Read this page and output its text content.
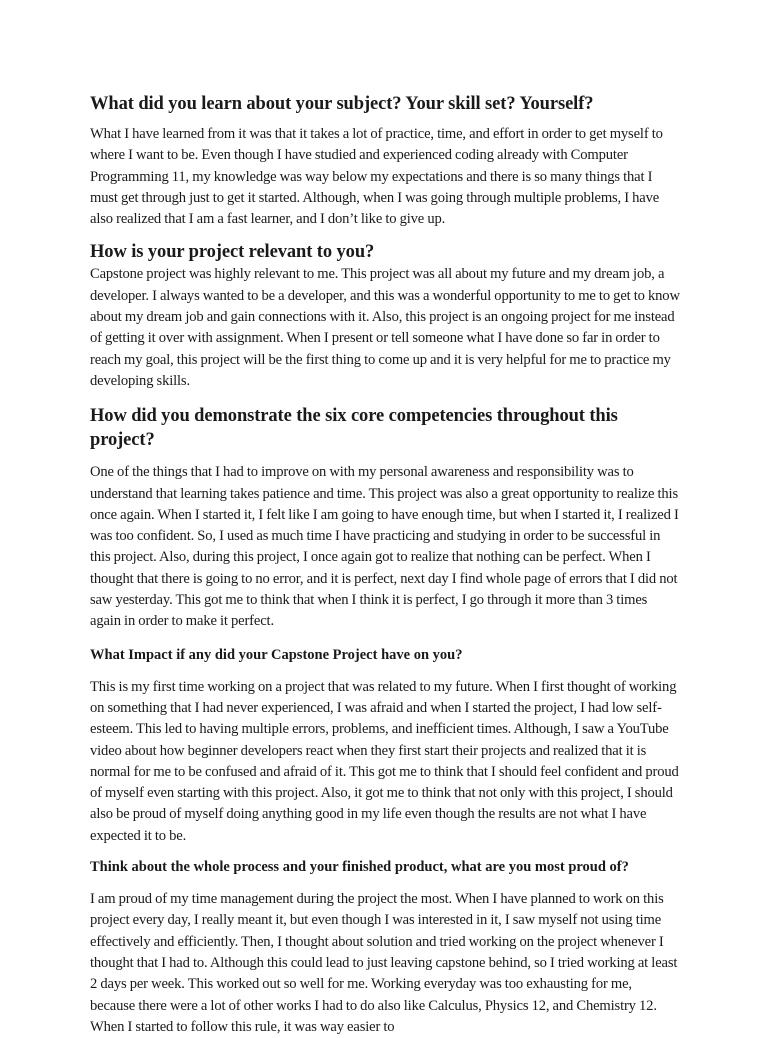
What did you learn about your subject? Your skill set? Yourself?

What I have learned from it was that it takes a lot of practice, time, and effort in order to get myself to where I want to be. Even though I have studied and experienced coding already with Computer Programming 11, my knowledge was way below my expectations and there is so many things that I must get through just to get it started. Although, when I was going through multiple problems, I have also realized that I am a fast learner, and I don’t like to give up.

How is your project relevant to you?

Capstone project was highly relevant to me. This project was all about my future and my dream job, a developer. I always wanted to be a developer, and this was a wonderful opportunity to me to get to know about my dream job and gain connections with it. Also, this project is an ongoing project for me instead of getting it over with assignment. When I present or tell someone what I have done so far in order to reach my goal, this project will be the first thing to come up and it is very helpful for me to practice my developing skills.

How did you demonstrate the six core competencies throughout this project?

One of the things that I had to improve on with my personal awareness and responsibility was to understand that learning takes patience and time. This project was also a great opportunity to realize this once again. When I started it, I felt like I am going to have enough time, but when I started it, I realized I was too confident. So, I used as much time I have practicing and studying in order to be successful in this project. Also, during this project, I once again got to realize that nothing can be perfect. When I thought that there is going to no error, and it is perfect, next day I find whole page of errors that I did not saw yesterday. This got me to think that when I think it is perfect, I go through it more than 3 times again in order to make it perfect.

What Impact if any did your Capstone Project have on you?

This is my first time working on a project that was related to my future. When I first thought of working on something that I had never experienced, I was afraid and when I started the project, I had low self-esteem. This led to having multiple errors, problems, and inefficient times. Although, I saw a YouTube video about how beginner developers react when they first start their projects and realized that it is normal for me to be confused and afraid of it. This got me to think that I should feel confident and proud of myself even starting with this project. Also, it got me to think that not only with this project, I should also be proud of myself doing anything good in my life even though the results are not what I have expected it to be.

Think about the whole process and your finished product, what are you most proud of?

I am proud of my time management during the project the most. When I have planned to work on this project every day, I really meant it, but even though I was interested in it, I saw myself not using time effectively and efficiently. Then, I thought about solution and tried working on the project whenever I thought that I had to. Although this could lead to just leaving capstone behind, so I tried working at least 2 days per week. This worked out so well for me. Working everyday was too exhausting for me, because there were a lot of other works I had to do also like Calculus, Physics 12, and Chemistry 12. When I started to follow this rule, it was way easier to
